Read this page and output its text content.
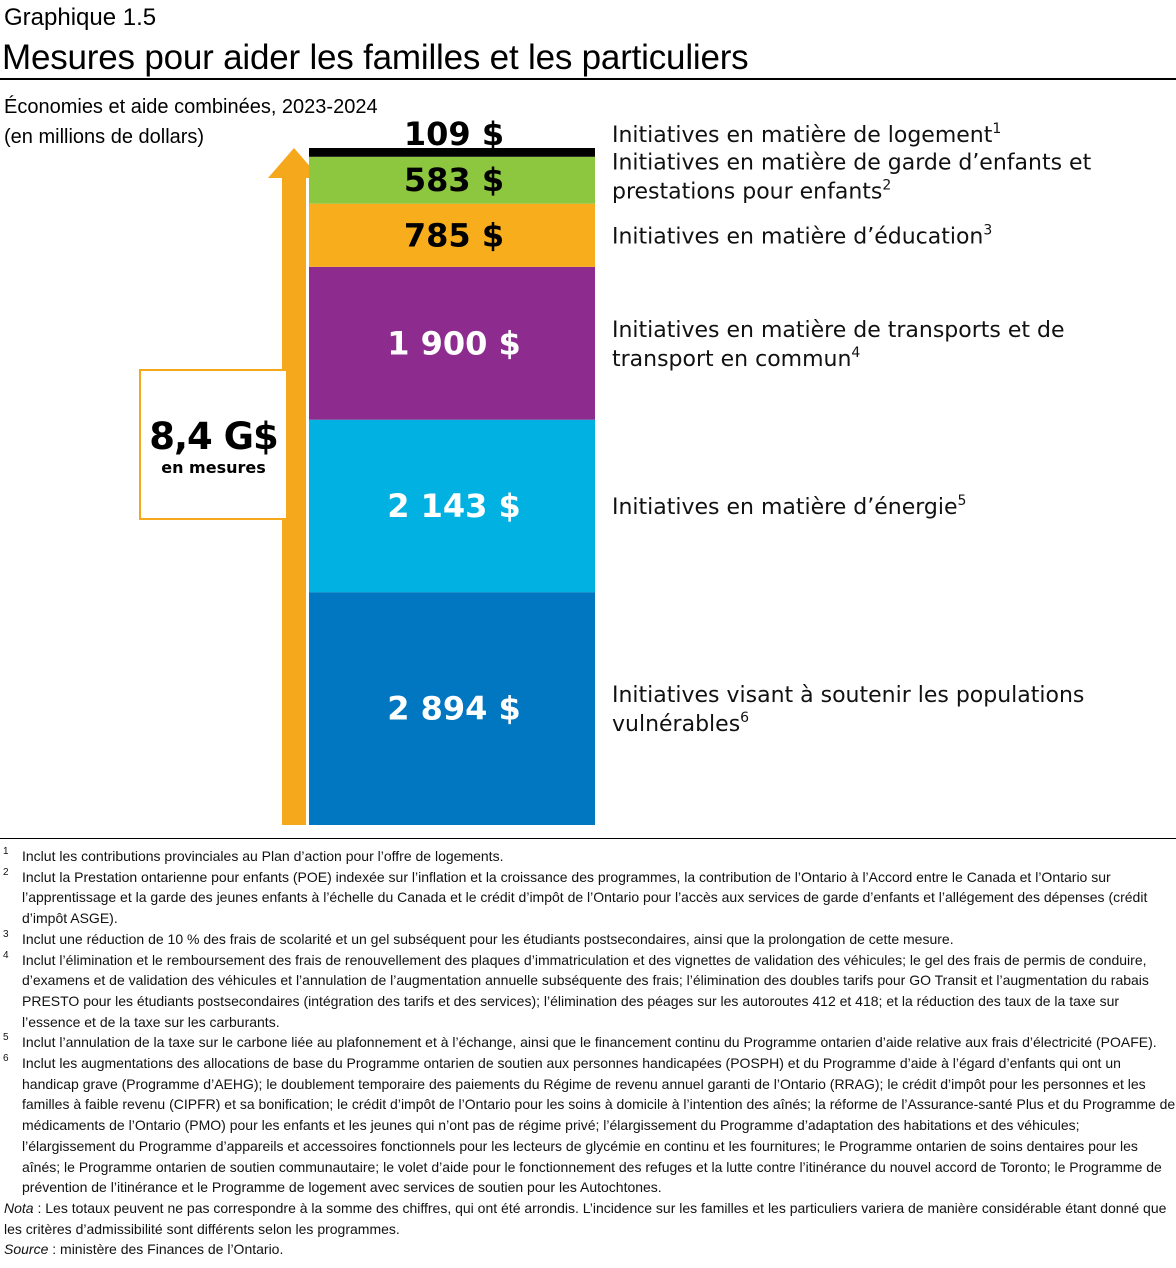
Graphique 1.5
Mesures pour aider les familles et les particuliers
Économies et aide combinées, 2023-2024
(en millions de dollars)
2 894 $
2 143 $
1 900 $
785 $
583 $
109 $
Initiatives visant à soutenir les populations
vulnérables$^6$
Initiatives en matière d’énergie$^5$
Initiatives en matière de transports et de
transport en commun$^4$
Initiatives en matière d’éducation$^3$
Initiatives en matière de garde d’enfants et
prestations pour enfants$^2$
Initiatives en matière de logement$^1$
8,4 G$
en mesures
1 Inclut les contributions provinciales au Plan d’action pour l’offre de logements.
2 Inclut la Prestation ontarienne pour enfants (POE) indexée sur l’inflation et la croissance des programmes, la contribution de l’Ontario à l’Accord entre le Canada et l’Ontario sur l’apprentissage et la garde des jeunes enfants à l’échelle du Canada et le crédit d’impôt de l’Ontario pour l’accès aux services de garde d’enfants et l’allégement des dépenses (crédit d’impôt ASGE).
3 Inclut une réduction de 10 % des frais de scolarité et un gel subséquent pour les étudiants postsecondaires, ainsi que la prolongation de cette mesure.
4 Inclut l’élimination et le remboursement des frais de renouvellement des plaques d’immatriculation et des vignettes de validation des véhicules; le gel des frais de permis de conduire, d’examens et de validation des véhicules et l’annulation de l’augmentation annuelle subséquente des frais; l’élimination des doubles tarifs pour GO Transit et l’augmentation du rabais PRESTO pour les étudiants postsecondaires (intégration des tarifs et des services); l’élimination des péages sur les autoroutes 412 et 418; et la réduction des taux de la taxe sur l’essence et de la taxe sur les carburants.
5 Inclut l’annulation de la taxe sur le carbone liée au plafonnement et à l’échange, ainsi que le financement continu du Programme ontarien d’aide relative aux frais d’électricité (POAFE).
6 Inclut les augmentations des allocations de base du Programme ontarien de soutien aux personnes handicapées (POSPH) et du Programme d’aide à l’égard d’enfants qui ont un handicap grave (Programme d’AEHG); le doublement temporaire des paiements du Régime de revenu annuel garanti de l’Ontario (RRAG); le crédit d’impôt pour les personnes et les familles à faible revenu (CIPFR) et sa bonification; le crédit d’impôt de l’Ontario pour les soins à domicile à l’intention des aînés; la réforme de l’Assurance-santé Plus et du Programme de médicaments de l’Ontario (PMO) pour les enfants et les jeunes qui n’ont pas de régime privé; l’élargissement du Programme d’adaptation des habitations et des véhicules; l’élargissement du Programme d’appareils et accessoires fonctionnels pour les lecteurs de glycémie en continu et les fournitures; le Programme ontarien de soins dentaires pour les aînés; le Programme ontarien de soutien communautaire; le volet d’aide pour le fonctionnement des refuges et la lutte contre l’itinérance du nouvel accord de Toronto; le Programme de prévention de l’itinérance et le Programme de logement avec services de soutien pour les Autochtones.
Nota : Les totaux peuvent ne pas correspondre à la somme des chiffres, qui ont été arrondis. L’incidence sur les familles et les particuliers variera de manière considérable étant donné que les critères d’admissibilité sont différents selon les programmes.
Source : ministère des Finances de l’Ontario.
